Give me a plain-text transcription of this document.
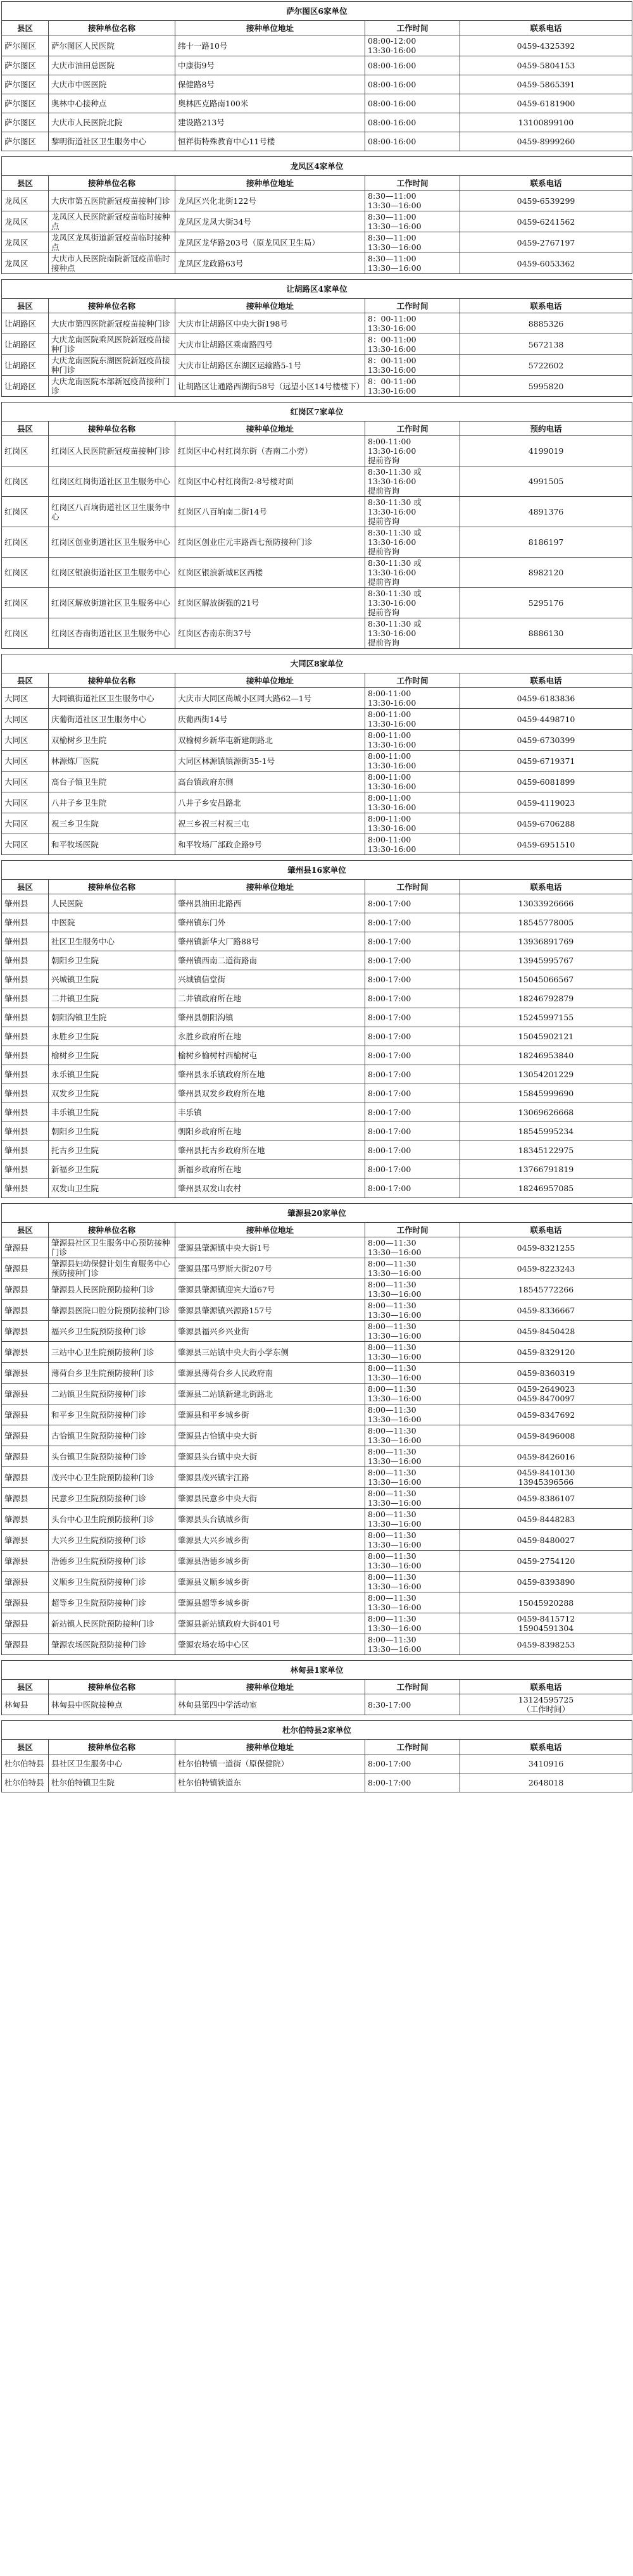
萨尔图区6家单位				
县区	接种单位名称	接种单位地址	工作时间	联系电话
萨尔图区	萨尔图区人民医院	纬十一路10号	08:00-12:00
13:30-16:00	0459-4325392
萨尔图区	大庆市油田总医院	中康街9号	08:00-16:00	0459-5804153
萨尔图区	大庆市中医医院	保健路8号	08:00-16:00	0459-5865391
萨尔图区	奥林中心接种点	奥林匹克路南100米	08:00-16:00	0459-6181900
萨尔图区	大庆市人民医院北院	建设路213号	08:00-16:00	13100899100
萨尔图区	黎明街道社区卫生服务中心	恒祥街特殊教育中心11号楼	08:00-16:00	0459-8999260
龙凤区4家单位				
县区	接种单位名称	接种单位地址	工作时间	联系电话
龙凤区	大庆市第五医院新冠疫苗接种门诊	龙凤区兴化北街122号	8:30—11:00
13:30—16:00	0459-6539299
龙凤区	龙凤区人民医院新冠疫苗临时接种点	龙凤区龙凤大街34号	8:30—11:00
13:30—16:00	0459-6241562
龙凤区	龙凤区龙凤街道新冠疫苗临时接种点	龙凤区龙华路203号（原龙凤区卫生局）	8:30—11:00
13:30—16:00	0459-2767197
龙凤区	大庆市人民医院南院新冠疫苗临时接种点	龙凤区龙政路63号	8:30—11:00
13:30—16:00	0459-6053362
让胡路区4家单位				
县区	接种单位名称	接种单位地址	工作时间	联系电话
让胡路区	大庆市第四医院新冠疫苗接种门诊	大庆市让胡路区中央大街198号	8：00-11:00
13:30-16:00	8885326
让胡路区	大庆龙南医院乘风医院新冠疫苗接种门诊	大庆市让胡路区乘南路四号	8：00-11:00
13:30-16:00	5672138
让胡路区	大庆龙南医院东湖医院新冠疫苗接种门诊	大庆市让胡路区东湖区运输路5-1号	8：00-11:00
13:30-16:00	5722602
让胡路区	大庆龙南医院本部新冠疫苗接种门诊	让胡路区让通路西湖街58号（远望小区14号楼楼下）	8：00-11:00
13:30-16:00	5995820
红岗区7家单位				
县区	接种单位名称	接种单位地址	工作时间	预约电话
红岗区	红岗区人民医院新冠疫苗接种门诊	红岗区中心村红岗东街（杏南二小旁）	8:00-11:00
13:30-16:00
提前咨询	4199019
红岗区	红岗区红岗街道社区卫生服务中心	红岗区中心村红岗街2-8号楼对面	8:30-11:30 或
13:30-16:00
提前咨询	4991505
红岗区	红岗区八百垧街道社区卫生服务中心	红岗区八百垧南二街14号	8:30-11:30 或
13:30-16:00
提前咨询	4891376
红岗区	红岗区创业街道社区卫生服务中心	红岗区创业庄元丰路西七预防接种门诊	8:30-11:30 或
13:30-16:00
提前咨询	8186197
红岗区	红岗区银浪街道社区卫生服务中心	红岗区银浪新城E区西楼	8:30-11:30 或
13:30-16:00
提前咨询	8982120
红岗区	红岗区解放街道社区卫生服务中心	红岗区解放街强的21号	8:30-11:30 或
13:30-16:00
提前咨询	5295176
红岗区	红岗区杏南街道社区卫生服务中心	红岗区杏南东街37号	8:30-11:30 或
13:30-16:00
提前咨询	8886130
大同区8家单位				
县区	接种单位名称	接种单位地址	工作时间	联系电话
大同区	大同镇街道社区卫生服务中心	大庆市大同区尚城小区同大路62—1号	8:00-11:00
13:30-16:00	0459-6183836
大同区	庆葡街道社区卫生服务中心	庆葡西街14号	8:00-11:00
13:30-16:00	0459-4498710
大同区	双榆树乡卫生院	双榆树乡新华屯新建朗路北	8:00-11:00
13:30-16:00	0459-6730399
大同区	林源炼厂医院	大同区林源镇镇源街35-1号	8:00-11:00
13:30-16:00	0459-6719371
大同区	高台子镇卫生院	高台镇政府东侧	8:00-11:00
13:30-16:00	0459-6081899
大同区	八井子乡卫生院	八井子乡安昌路北	8:00-11:00
13:30-16:00	0459-4119023
大同区	祝三乡卫生院	祝三乡祝三村祝三屯	8:00-11:00
13:30-16:00	0459-6706288
大同区	和平牧场医院	和平牧场厂部政企路9号	8:00-11:00
13:30-16:00	0459-6951510
肇州县16家单位				
县区	接种单位名称	接种单位地址	工作时间	联系电话
肇州县	人民医院	肇州县油田北路西	8:00-17:00	13033926666
肇州县	中医院	肇州镇东门外	8:00-17:00	18545778005
肇州县	社区卫生服务中心	肇州镇新华大厂路88号	8:00-17:00	13936891769
肇州县	朝阳乡卫生院	肇州镇西南二道街路南	8:00-17:00	13945995767
肇州县	兴城镇卫生院	兴城镇信堂街	8:00-17:00	15045066567
肇州县	二井镇卫生院	二井镇政府所在地	8:00-17:00	18246792879
肇州县	朝阳沟镇卫生院	肇州县朝阳沟镇	8:00-17:00	15245997155
肇州县	永胜乡卫生院	永胜乡政府所在地	8:00-17:00	15045902121
肇州县	榆树乡卫生院	榆树乡榆树村西榆树屯	8:00-17:00	18246953840
肇州县	永乐镇卫生院	肇州县永乐镇政府所在地	8:00-17:00	13054201229
肇州县	双发乡卫生院	肇州县双发乡政府所在地	8:00-17:00	15845999690
肇州县	丰乐镇卫生院	丰乐镇	8:00-17:00	13069626668
肇州县	朝阳乡卫生院	朝阳乡政府所在地	8:00-17:00	18545995234
肇州县	托古乡卫生院	肇州县托古乡政府所在地	8:00-17:00	18345122975
肇州县	新福乡卫生院	新福乡政府所在地	8:00-17:00	13766791819
肇州县	双发山卫生院	肇州县双发山农村	8:00-17:00	18246957085
肇源县20家单位				
县区	接种单位名称	接种单位地址	工作时间	联系电话
肇源县	肇源县社区卫生服务中心预防接种门诊	肇源县肇源镇中央大街1号	8:00—11:30
13:30—16:00	0459-8321255
肇源县	肇源县妇幼保健计划生育服务中心预防接种门诊	肇源县邵马罗斯大街207号	8:00—11:30
13:30—16:00	0459-8223243
肇源县	肇源县人民医院预防接种门诊	肇源县肇源镇迎宾大道67号	8:00—11:30
13:30—16:00	18545772266
肇源县	肇源县医院口腔分院预防接种门诊	肇源县肇源镇兴源路157号	8:00—11:30
13:30—16:00	0459-8336667
肇源县	福兴乡卫生院预防接种门诊	肇源县福兴乡兴业街	8:00—11:30
13:30—16:00	0459-8450428
肇源县	三站中心卫生院预防接种门诊	肇源县三站镇中央大街小学东侧	8:00—11:30
13:30—16:00	0459-8329120
肇源县	薄荷台乡卫生院预防接种门诊	肇源县薄荷台乡人民政府南	8:00—11:30
13:30—16:00	0459-8360319
肇源县	二站镇卫生院预防接种门诊	肇源县二站镇新建北街路北	8:00—11:30
13:30—16:00	0459-2649023
0459-8470097
肇源县	和平乡卫生院预防接种门诊	肇源县和平乡城乡街	8:00—11:30
13:30—16:00	0459-8347692
肇源县	古恰镇卫生院预防接种门诊	肇源县古恰镇中央大街	8:00—11:30
13:30—16:00	0459-8496008
肇源县	头台镇卫生院预防接种门诊	肇源县头台镇中央大街	8:00—11:30
13:30—16:00	0459-8426016
肇源县	茂兴中心卫生院预防接种门诊	肇源县茂兴镇宇江路	8:00—11:30
13:30—16:00	0459-8410130
13945396566
肇源县	民意乡卫生院预防接种门诊	肇源县民意乡中央大街	8:00—11:30
13:30—16:00	0459-8386107
肇源县	头台中心卫生院预防接种门诊	肇源县头台镇城乡街	8:00—11:30
13:30—16:00	0459-8448283
肇源县	大兴乡卫生院预防接种门诊	肇源县大兴乡城乡街	8:00—11:30
13:30—16:00	0459-8480027
肇源县	浩德乡卫生院预防接种门诊	肇源县浩德乡城乡街	8:00—11:30
13:30—16:00	0459-2754120
肇源县	义顺乡卫生院预防接种门诊	肇源县义顺乡城乡街	8:00—11:30
13:30—16:00	0459-8393890
肇源县	超等乡卫生院预防接种门诊	肇源县超等乡城乡街	8:00—11:30
13:30—16:00	15045920288
肇源县	新站镇人民医院预防接种门诊	肇源县新站镇政府大街401号	8:00—11:30
13:30—16:00	0459-8415712
15904591304
肇源县	肇源农场医院预防接种门诊	肇源农场农场中心区	8:00—11:30
13:30—16:00	0459-8398253
林甸县1家单位				
县区	接种单位名称	接种单位地址	工作时间	联系电话
林甸县	林甸县中医院接种点	林甸县第四中学活动室	8:30-17:00	13124595725
（工作时间）
杜尔伯特县2家单位				
县区	接种单位名称	接种单位地址	工作时间	联系电话
杜尔伯特县	县社区卫生服务中心	杜尔伯特镇一道街（原保健院）	8:00-17:00	3410916
杜尔伯特县	杜尔伯特镇卫生院	杜尔伯特镇铁道东	8:00-17:00	2648018
